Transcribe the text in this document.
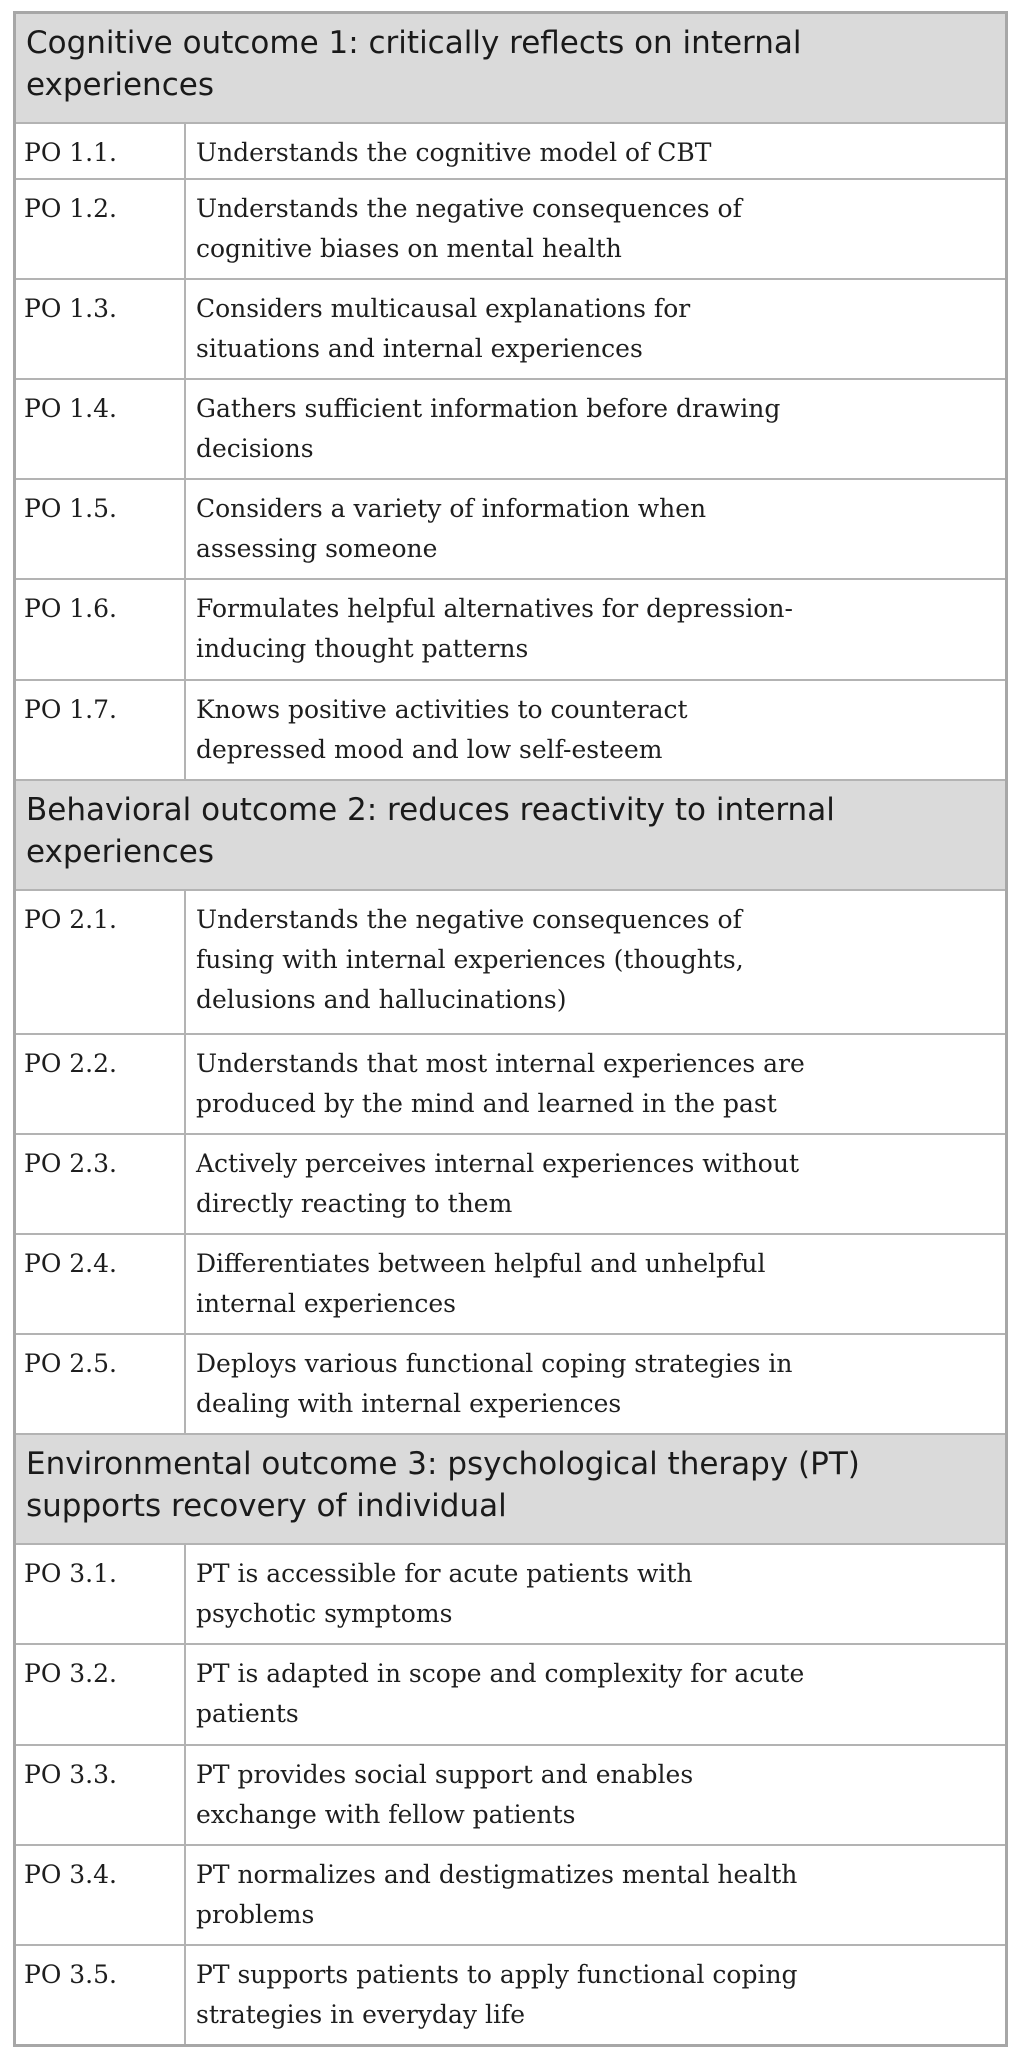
Cognitive outcome 1: critically reflects on internal experiences	
PO 1.1.	Understands the cognitive model of CBT
PO 1.2.	Understands the negative consequences of cognitive biases on mental health
PO 1.3.	Considers multicausal explanations for situations and internal experiences
PO 1.4.	Gathers sufficient information before drawing decisions
PO 1.5.	Considers a variety of information when assessing someone
PO 1.6.	Formulates helpful alternatives for depression-inducing thought patterns
PO 1.7.	Knows positive activities to counteract depressed mood and low self-esteem
Behavioral outcome 2: reduces reactivity to internal experiences	
PO 2.1.	Understands the negative consequences of fusing with internal experiences (thoughts, delusions and hallucinations)
PO 2.2.	Understands that most internal experiences are produced by the mind and learned in the past
PO 2.3.	Actively perceives internal experiences without directly reacting to them
PO 2.4.	Differentiates between helpful and unhelpful internal experiences
PO 2.5.	Deploys various functional coping strategies in dealing with internal experiences
Environmental outcome 3: psychological therapy (PT) supports recovery of individual	
PO 3.1.	PT is accessible for acute patients with psychotic symptoms
PO 3.2.	PT is adapted in scope and complexity for acute patients
PO 3.3.	PT provides social support and enables exchange with fellow patients
PO 3.4.	PT normalizes and destigmatizes mental health problems
PO 3.5.	PT supports patients to apply functional coping strategies in everyday life
